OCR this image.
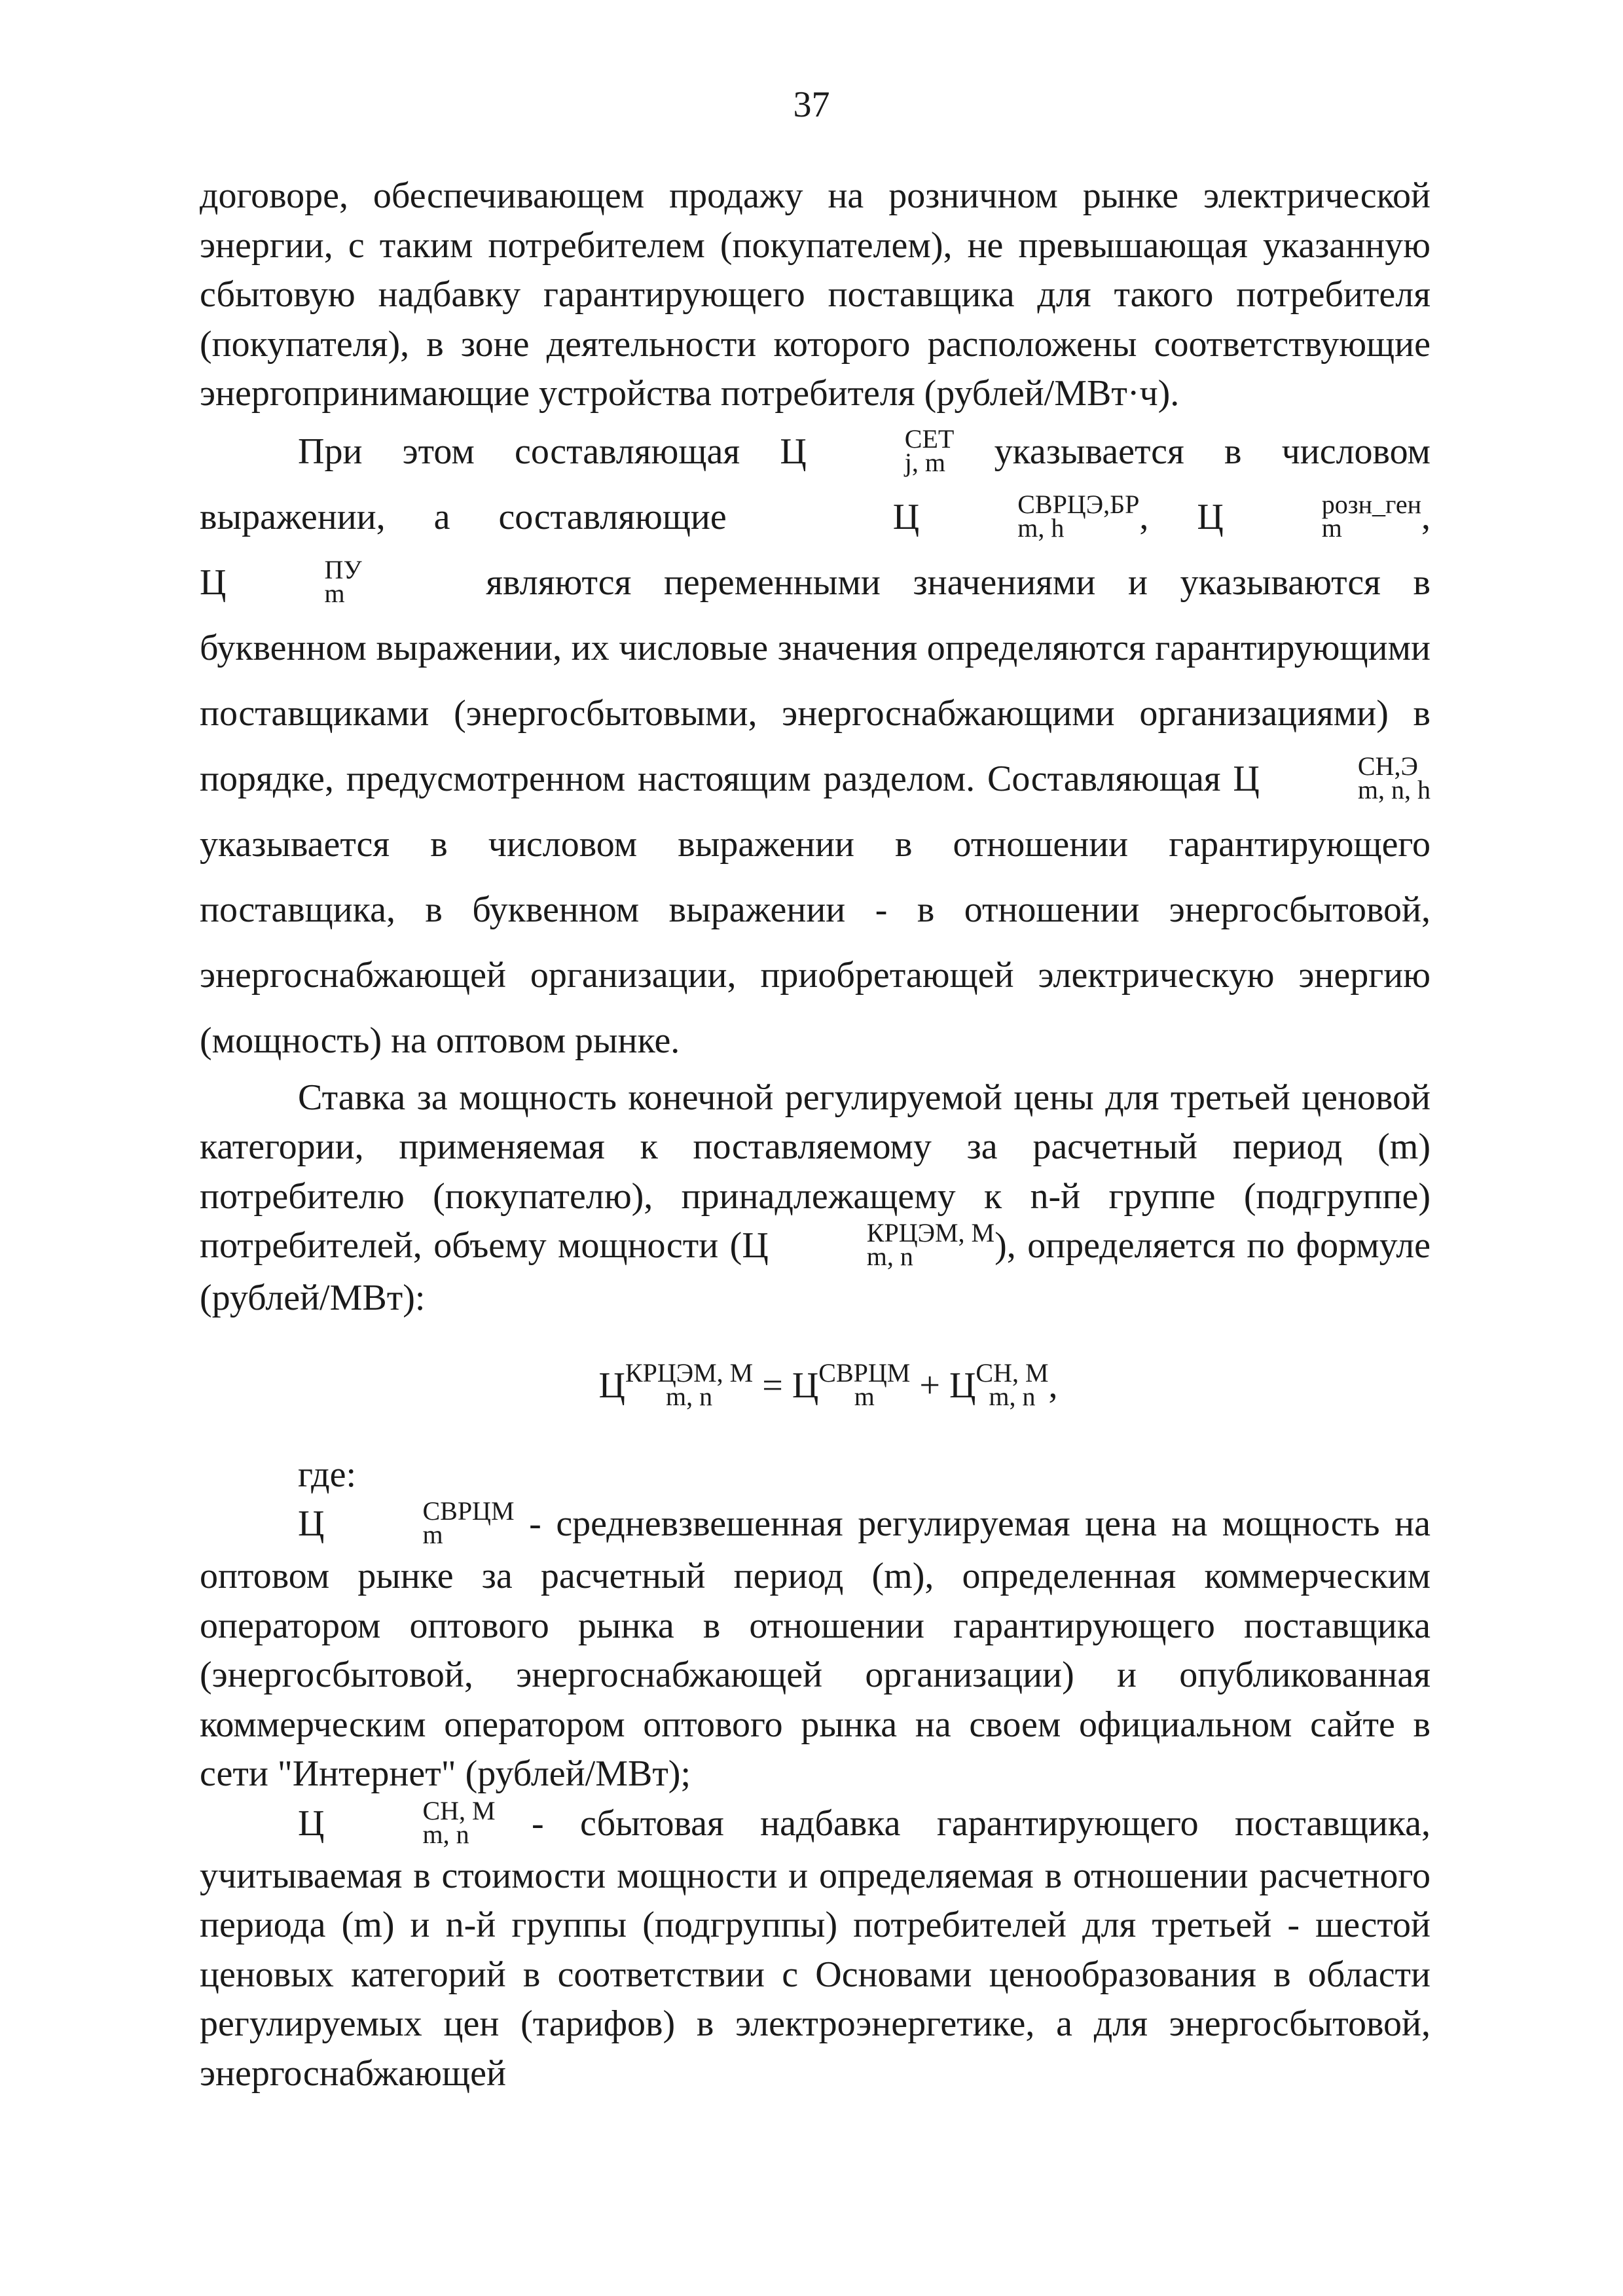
37

договоре, обеспечивающем продажу на розничном рынке электрической энергии, с таким потребителем (покупателем), не превышающая указанную сбытовую надбавку гарантирующего поставщика для такого потребителя (покупателя), в зоне деятельности которого расположены соответствующие энергопринимающие устройства потребителя (рублей/МВт·ч).

При этом составляющая Ц	СЕТ
j, m указывается в числовом выражении, а составляющие	Ц	СВРЦЭ,БР
m, h	, Ц	розн_ген
m	, Ц	ПУ
m	являются переменными значениями и указываются в буквенном выражении, их числовые значения определяются гарантирующими поставщиками (энергосбытовыми, энергоснабжающими организациями) в порядке, предусмотренном настоящим разделом. Составляющая Ц	СН,Э
m, n, h
указывается в числовом выражении в отношении гарантирующего поставщика, в буквенном выражении - в отношении энергосбытовой, энергоснабжающей организации, приобретающей электрическую энергию (мощность) на оптовом рынке.

Ставка за мощность конечной регулируемой цены для третьей ценовой категории, применяемая к поставляемому за расчетный период (m) потребителю (покупателю), принадлежащему к n-й группе (подгруппе) потребителей, объему мощности (Ц	КРЦЭМ, М
m, n	), определяется по формуле (рублей/МВт):

Ц КРЦЭМ, М
m, n	= Ц СВРЦМ
m + Ц СН, М
m, n ,

где:

Ц	СВРЦМ
m	- средневзвешенная регулируемая цена на мощность на оптовом рынке за расчетный период (m), определенная коммерческим оператором оптового рынка в отношении гарантирующего поставщика (энергосбытовой, энергоснабжающей организации) и опубликованная коммерческим оператором оптового рынка на своем официальном сайте в сети "Интернет" (рублей/МВт);

Ц	СН, М
m, n - сбытовая надбавка гарантирующего поставщика, учитываемая в стоимости мощности и определяемая в отношении расчетного периода (m) и n-й группы (подгруппы) потребителей для третьей - шестой ценовых категорий в соответствии с Основами ценообразования в области регулируемых цен (тарифов) в электроэнергетике, а для энергосбытовой, энергоснабжающей
